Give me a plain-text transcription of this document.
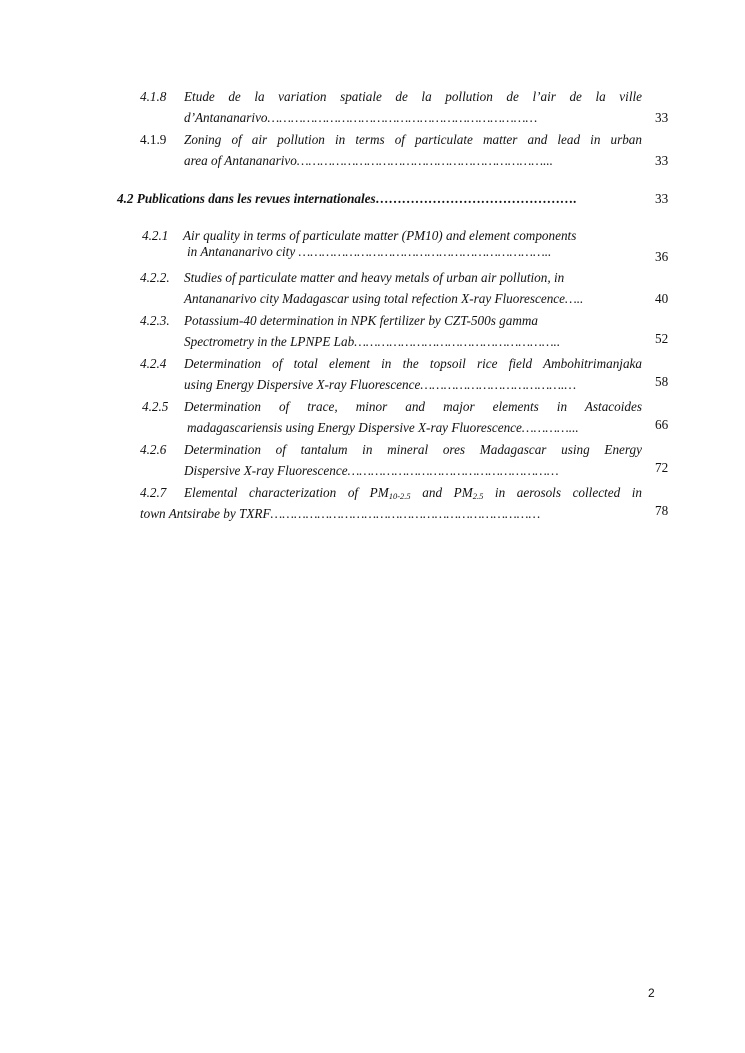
4.1.8 Etude de la variation spatiale de la pollution de l’air de la ville
d’Antananarivo……………………………………………………………	33
4.1.9 Zoning of air pollution in terms of particulate matter and lead in urban
area of Antananarivo………………………………………………………...	33
4.2 Publications dans les revues internationales……………………………………….	33
4.2.1 Air quality in terms of particulate matter (PM10) and element components
in Antananarivo city ………………………………………………………..	36
4.2.2. Studies of particulate matter and heavy metals of urban air pollution, in
Antananarivo city Madagascar using total refection X-ray Fluorescence…..	40
4.2.3. Potassium-40 determination in NPK fertilizer by CZT-500s gamma
Spectrometry in the LPNPE Lab……………………………………………..	52
4.2.4 Determination of total element in the topsoil rice field Ambohitrimanjaka
using Energy Dispersive X-ray Fluorescence……………………………….…	58
4.2.5 Determination of trace, minor and major elements in Astacoides
madagascariensis using Energy Dispersive X-ray Fluorescence…………...	66
4.2.6 Determination of tantalum in mineral ores Madagascar using Energy
Dispersive X-ray Fluorescence………………………………………………	72
4.2.7 Elemental characterization of $PM_{10-2.5}$ and $PM_{2.5}$ in aerosols collected in
town Antsirabe by TXRF……………………………………………………………	78
2
